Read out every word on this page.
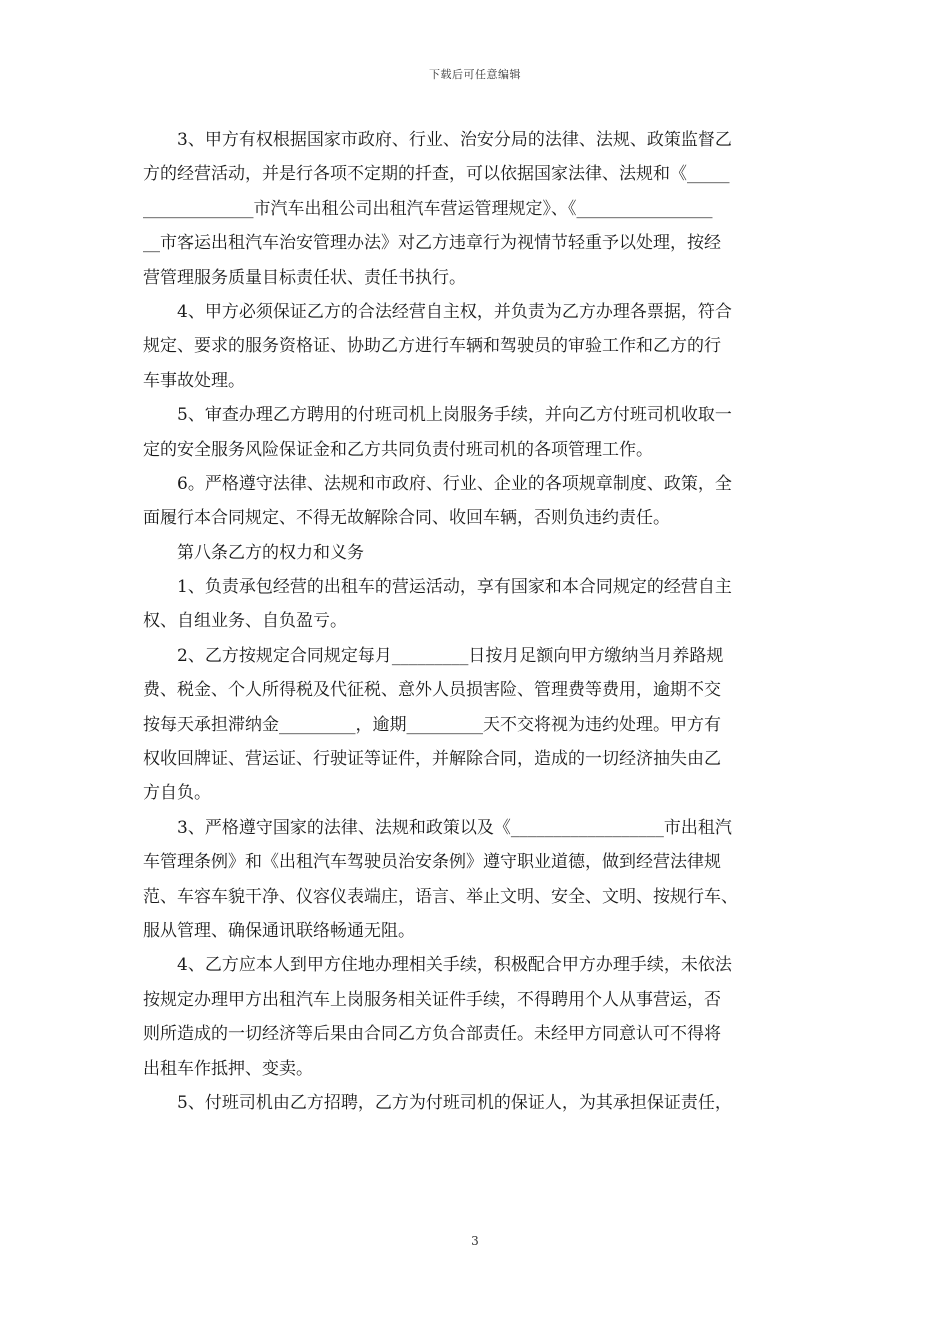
下载后可任意编辑
3、甲方有权根据国家市政府、行业、治安分局的法律、法规、政策监督乙
方的经营活动，并是行各项不定期的扦查，可以依据国家法律、法规和《_____
_____________市汽车出租公司出租汽车营运管理规定》、《________________
__市客运出租汽车治安管理办法》对乙方违章行为视情节轻重予以处理，按经
营管理服务质量目标责任状、责任书执行。
4、甲方必须保证乙方的合法经营自主权，并负责为乙方办理各票据，符合
规定、要求的服务资格证、协助乙方进行车辆和驾驶员的审验工作和乙方的行
车事故处理。
5、审查办理乙方聘用的付班司机上岗服务手续，并向乙方付班司机收取一
定的安全服务风险保证金和乙方共同负责付班司机的各项管理工作。
6。严格遵守法律、法规和市政府、行业、企业的各项规章制度、政策，全
面履行本合同规定、不得无故解除合同、收回车辆，否则负违约责任。
第八条乙方的权力和义务
1、负责承包经营的出租车的营运活动，享有国家和本合同规定的经营自主
权、自组业务、自负盈亏。
2、乙方按规定合同规定每月_________日按月足额向甲方缴纳当月养路规
费、税金、个人所得税及代征税、意外人员损害险、管理费等费用，逾期不交
按每天承担滞纳金_________，逾期_________天不交将视为违约处理。甲方有
权收回牌证、营运证、行驶证等证件，并解除合同，造成的一切经济抽失由乙
方自负。
3、严格遵守国家的法律、法规和政策以及《__________________市出租汽
车管理条例》和《出租汽车驾驶员治安条例》遵守职业道德，做到经营法律规
范、车容车貌干净、仪容仪表端庄，语言、举止文明、安全、文明、按规行车、
服从管理、确保通讯联络畅通无阻。
4、乙方应本人到甲方住地办理相关手续，积极配合甲方办理手续，未依法
按规定办理甲方出租汽车上岗服务相关证件手续，不得聘用个人从事营运，否
则所造成的一切经济等后果由合同乙方负合部责任。未经甲方同意认可不得将
出租车作抵押、变卖。
5、付班司机由乙方招聘，乙方为付班司机的保证人，为其承担保证责任，
3
